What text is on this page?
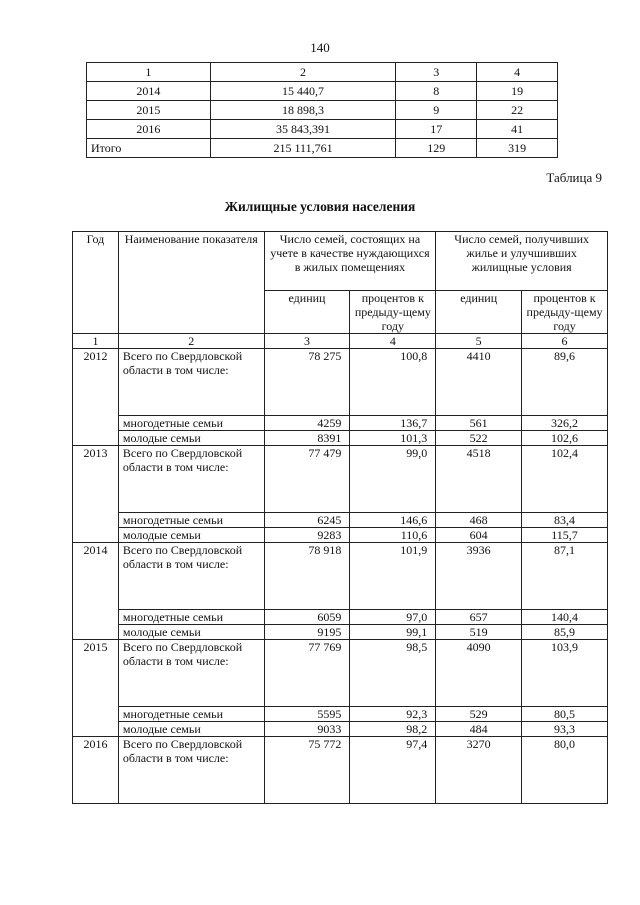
140
1	2	3	4
2014	15 440,7	8	19
2015	18 898,3	9	22
2016	35 843,391	17	41
Итого	215 111,761	129	319
Таблица 9
Жилищные условия населения
Год	Наименование показателя	Число семей, состоящих на учете в качестве нуждающихся в жилых помещениях		Число семей, получивших жилье и улучшивших жилищные условия	
		единиц	процентов к предыду-щему году	единиц	процентов к предыду-щему году
1	2	3	4	5	6
2012	Всего по Свердловской области в том числе:	78 275	100,8	4410	89,6
	многодетные семьи	4259	136,7	561	326,2
	молодые семьи	8391	101,3	522	102,6
2013	Всего по Свердловской области в том числе:	77 479	99,0	4518	102,4
	многодетные семьи	6245	146,6	468	83,4
	молодые семьи	9283	110,6	604	115,7
2014	Всего по Свердловской области в том числе:	78 918	101,9	3936	87,1
	многодетные семьи	6059	97,0	657	140,4
	молодые семьи	9195	99,1	519	85,9
2015	Всего по Свердловской области в том числе:	77 769	98,5	4090	103,9
	многодетные семьи	5595	92,3	529	80,5
	молодые семьи	9033	98,2	484	93,3
2016	Всего по Свердловской области в том числе:	75 772	97,4	3270	80,0
